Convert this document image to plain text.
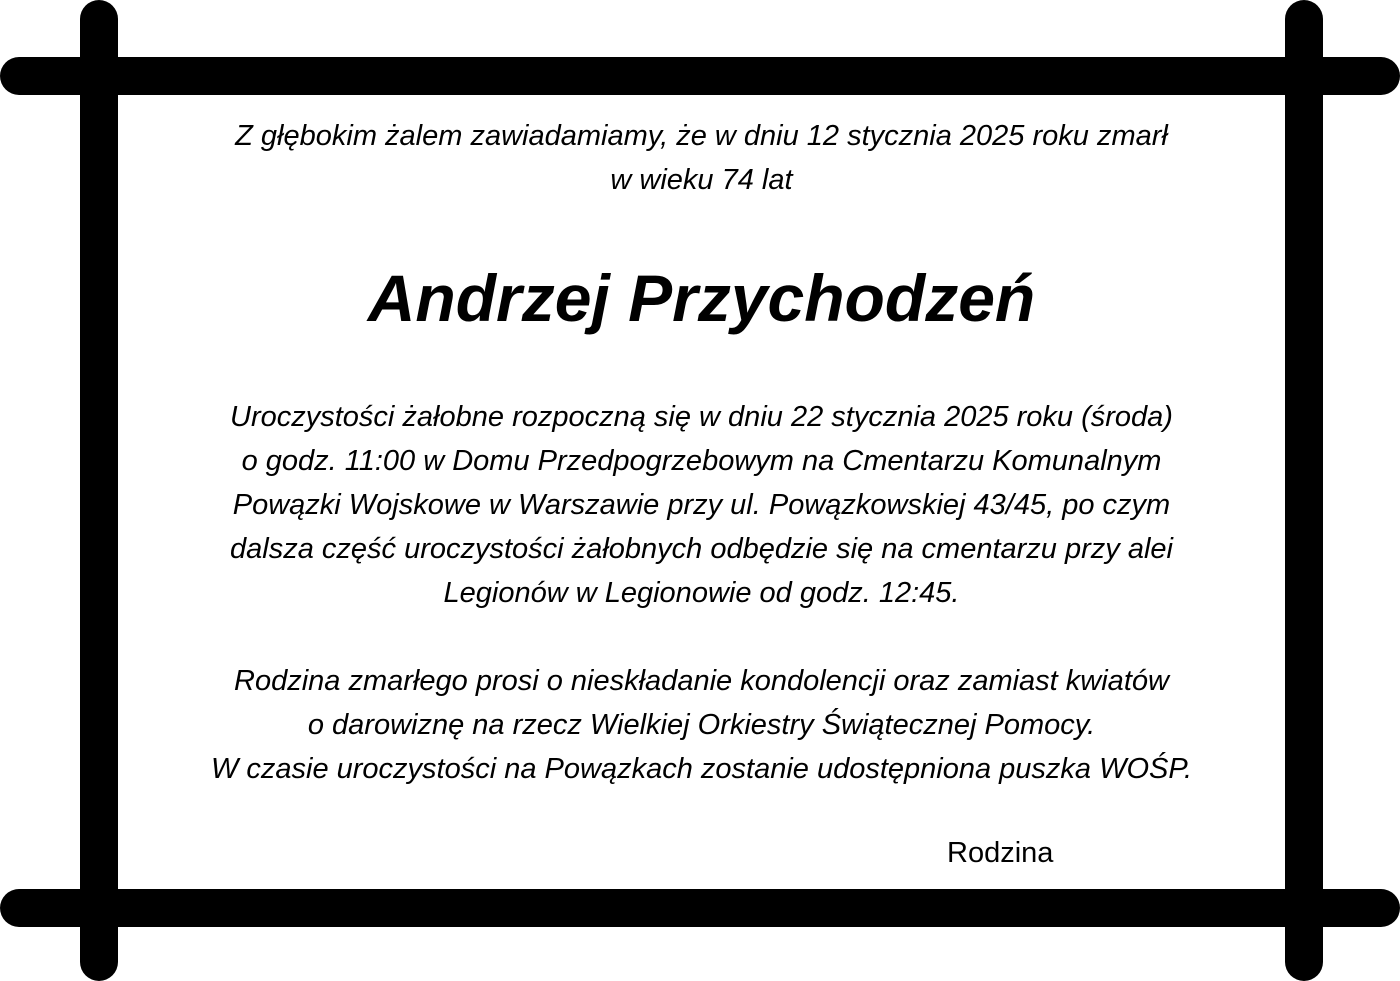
Z głębokim żalem zawiadamiamy, że w dniu 12 stycznia 2025 roku zmarł
w wieku 74 lat

Andrzej Przychodzeń

Uroczystości żałobne rozpoczną się w dniu 22 stycznia 2025 roku (środa)
o godz. 11:00 w Domu Przedpogrzebowym na Cmentarzu Komunalnym
Powązki Wojskowe w Warszawie przy ul. Powązkowskiej 43/45, po czym
dalsza część uroczystości żałobnych odbędzie się na cmentarzu przy alei
Legionów w Legionowie od godz. 12:45.

Rodzina zmarłego prosi o nieskładanie kondolencji oraz zamiast kwiatów
o darowiznę na rzecz Wielkiej Orkiestry Świątecznej Pomocy.
W czasie uroczystości na Powązkach zostanie udostępniona puszka WOŚP.

Rodzina
